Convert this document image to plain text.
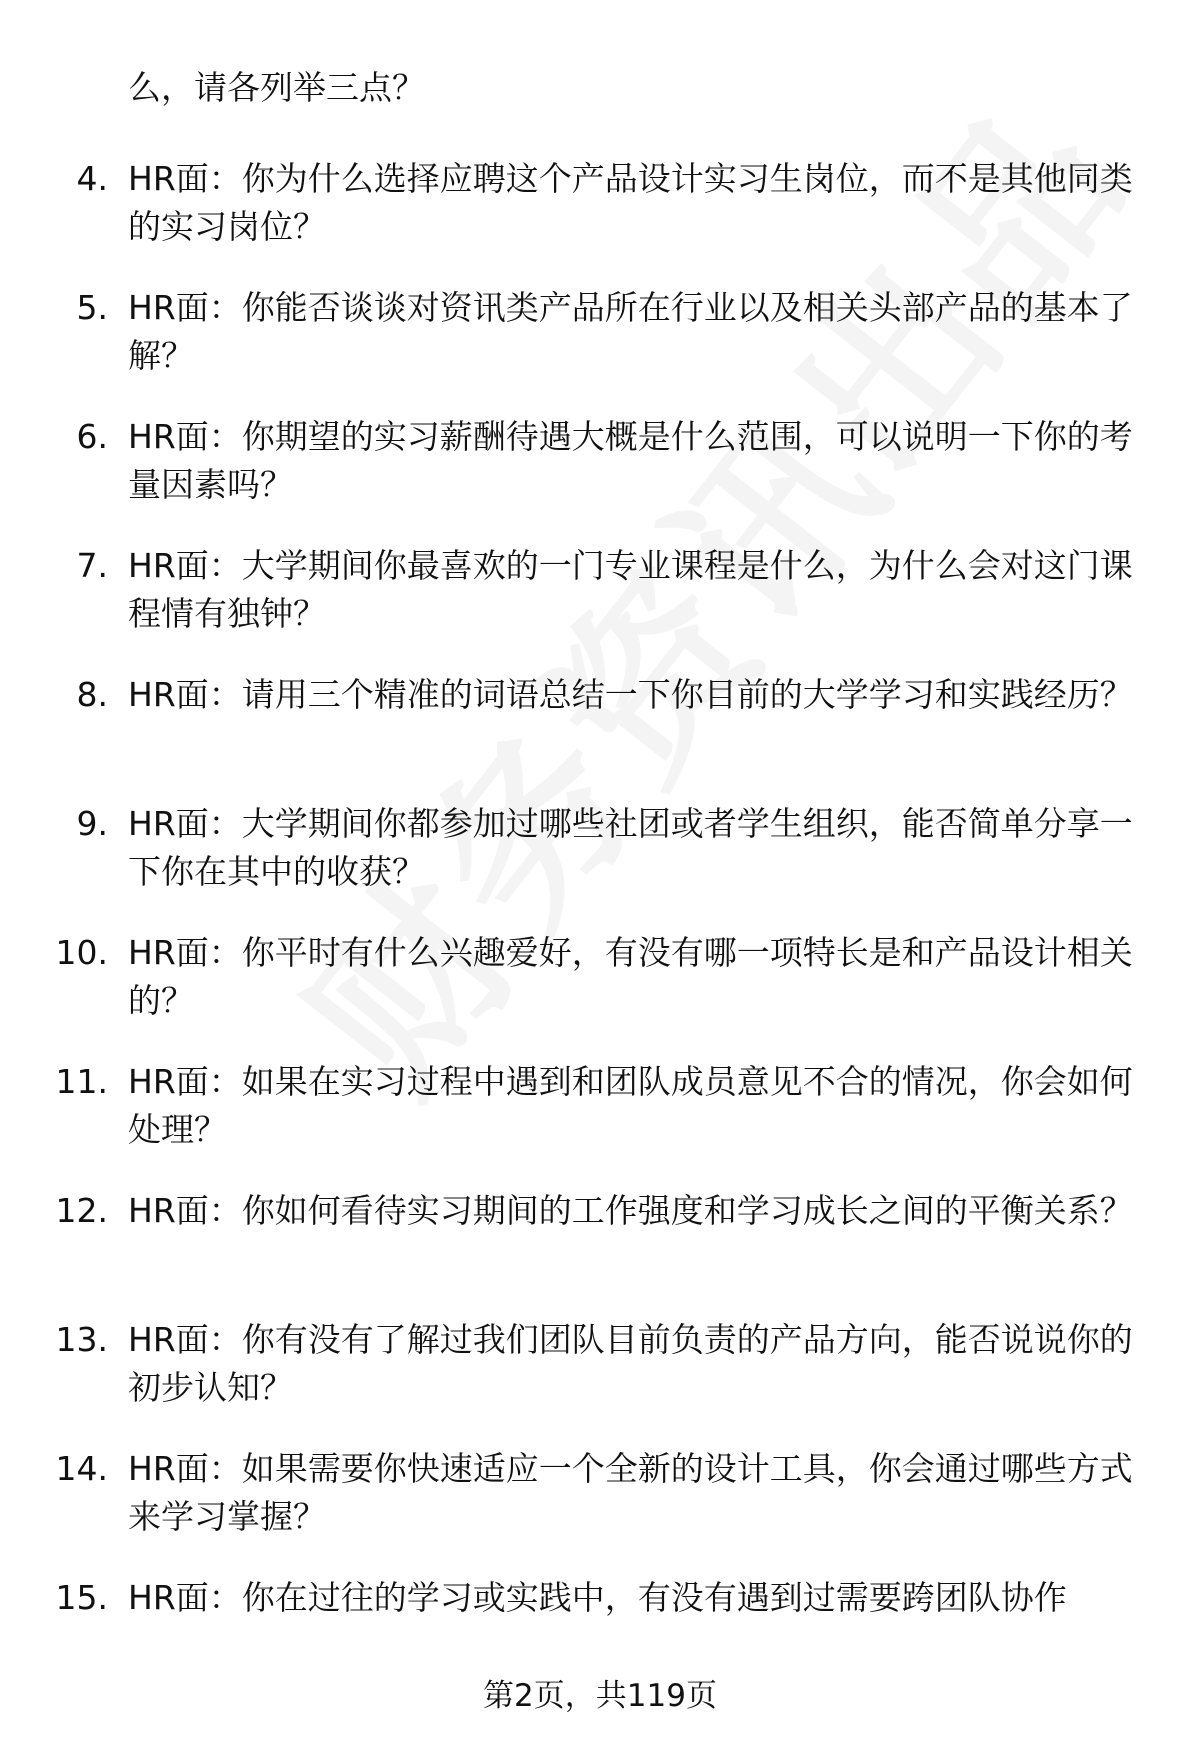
么，请各列举三点？

4. HR面：你为什么选择应聘这个产品设计实习生岗位，而不是其他同类的实习岗位？

5. HR面：你能否谈谈对资讯类产品所在行业以及相关头部产品的基本了解？

6. HR面：你期望的实习薪酬待遇大概是什么范围，可以说明一下你的考量因素吗？

7. HR面：大学期间你最喜欢的一门专业课程是什么，为什么会对这门课程情有独钟？

8. HR面：请用三个精准的词语总结一下你目前的大学学习和实践经历？

9. HR面：大学期间你都参加过哪些社团或者学生组织，能否简单分享一下你在其中的收获？

10. HR面：你平时有什么兴趣爱好，有没有哪一项特长是和产品设计相关的？

11. HR面：如果在实习过程中遇到和团队成员意见不合的情况，你会如何处理？

12. HR面：你如何看待实习期间的工作强度和学习成长之间的平衡关系？

13. HR面：你有没有了解过我们团队目前负责的产品方向，能否说说你的初步认知？

14. HR面：如果需要你快速适应一个全新的设计工具，你会通过哪些方式来学习掌握？

15. HR面：你在过往的学习或实践中，有没有遇到过需要跨团队协作

第2页，共119页
